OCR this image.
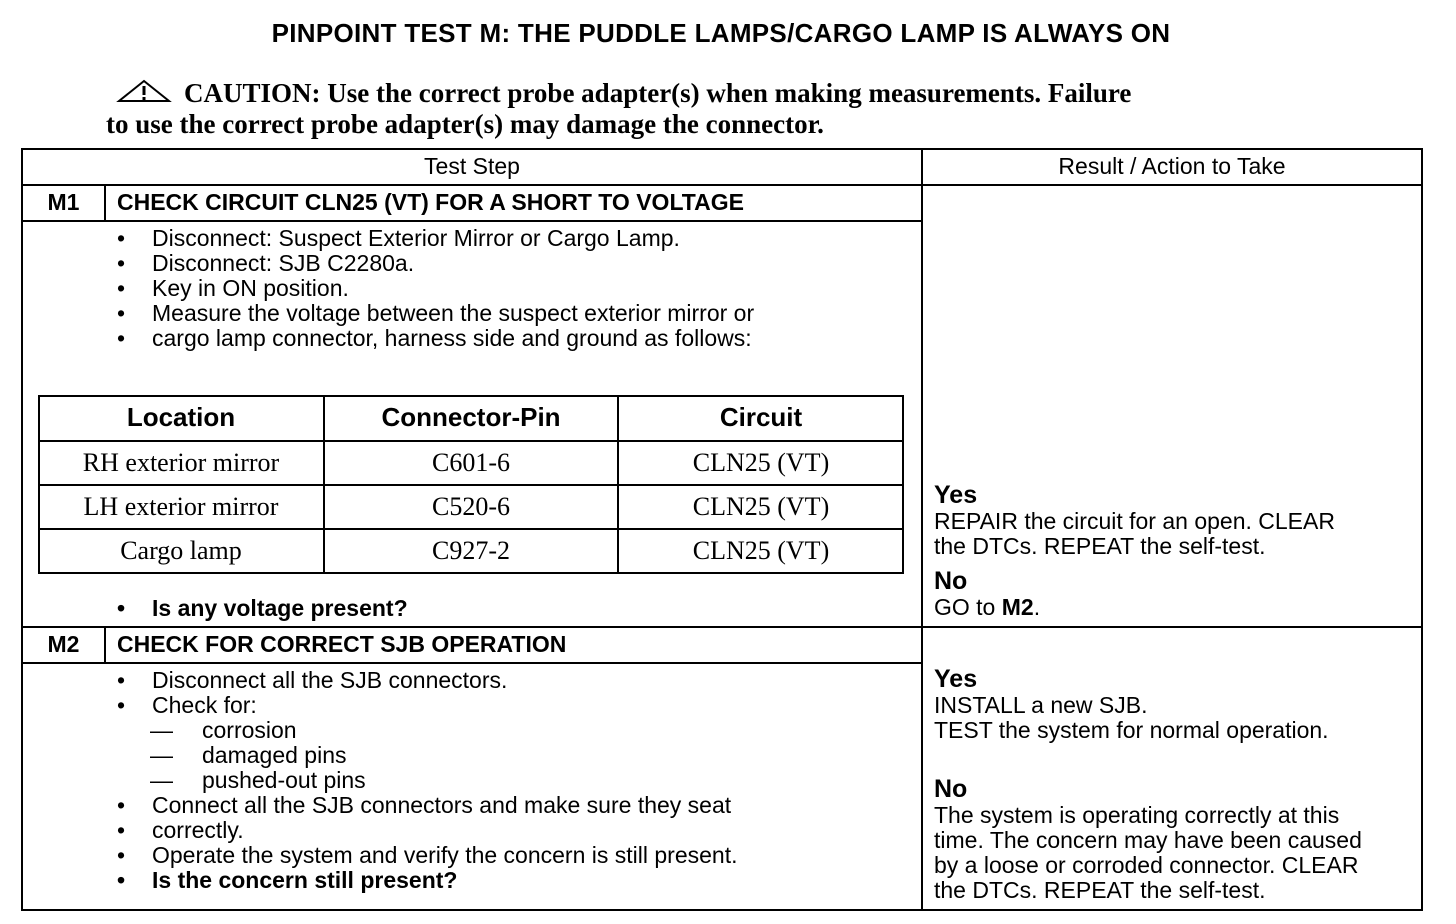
PINPOINT TEST M: THE PUDDLE LAMPS/CARGO LAMP IS ALWAYS ON
CAUTION: Use the correct probe adapter(s) when making measurements. Failure
to use the correct probe adapter(s) may damage the connector.
Test Step	Result / Action to Take
M1	CHECK CIRCUIT CLN25 (VT) FOR A SHORT TO VOLTAGE
• Disconnect: Suspect Exterior Mirror or Cargo Lamp.
• Disconnect: SJB C2280a.
• Key in ON position.
• Measure the voltage between the suspect exterior mirror or
• cargo lamp connector, harness side and ground as follows:
Location	Connector-Pin	Circuit
RH exterior mirror	C601-6	CLN25 (VT)
LH exterior mirror	C520-6	CLN25 (VT)
Cargo lamp	C927-2	CLN25 (VT)
• Is any voltage present?
Yes
REPAIR the circuit for an open. CLEAR
the DTCs. REPEAT the self-test.
No
GO to M2.
M2	CHECK FOR CORRECT SJB OPERATION
• Disconnect all the SJB connectors.
• Check for:
— corrosion
— damaged pins
— pushed-out pins
• Connect all the SJB connectors and make sure they seat
• correctly.
• Operate the system and verify the concern is still present.
• Is the concern still present?
Yes
INSTALL a new SJB.
TEST the system for normal operation.
No
The system is operating correctly at this
time. The concern may have been caused
by a loose or corroded connector. CLEAR
the DTCs. REPEAT the self-test.
